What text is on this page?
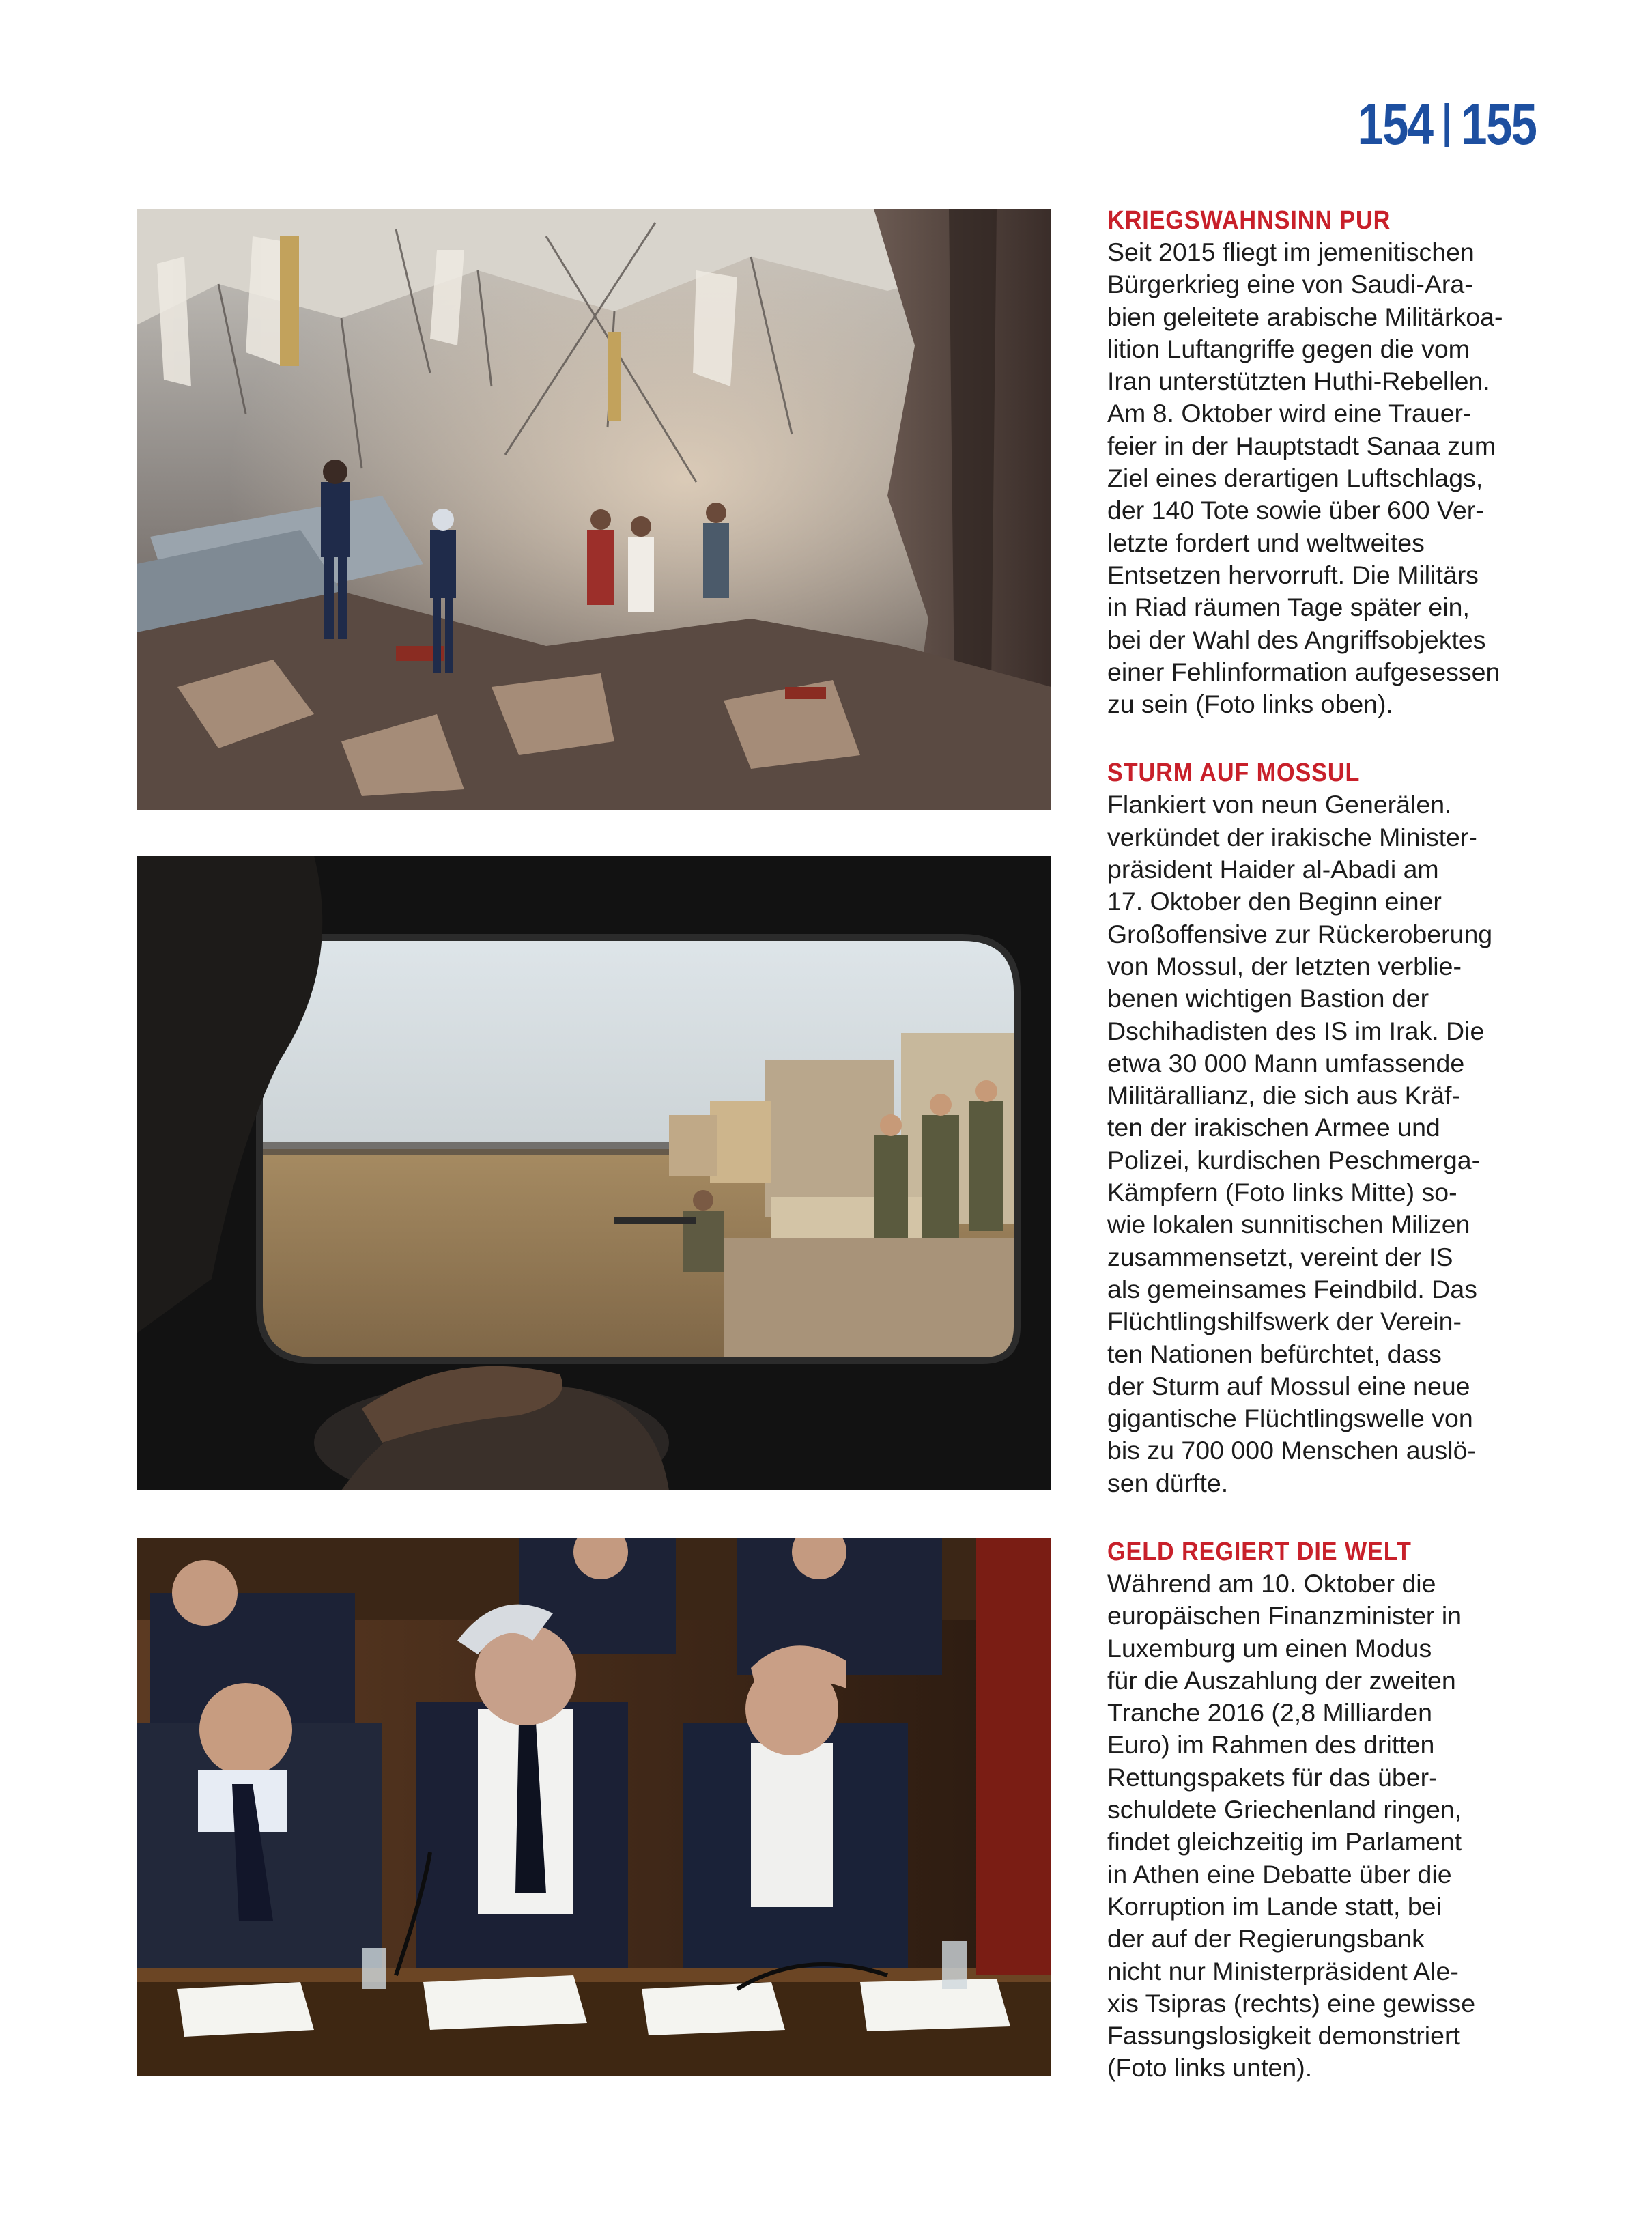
154 155
KRIEGSWAHNSINN PUR

Seit 2015 fliegt im jemenitischen
Bürgerkrieg eine von Saudi-Ara-
bien geleitete arabische Militärkoa-
lition Luftangriffe gegen die vom
Iran unterstützten Huthi-Rebellen.
Am 8. Oktober wird eine Trauer-
feier in der Hauptstadt Sanaa zum
Ziel eines derartigen Luftschlags,
der 140 Tote sowie über 600 Ver-
letzte fordert und weltweites
Entsetzen hervorruft. Die Militärs
in Riad räumen Tage später ein,
bei der Wahl des Angriffsobjektes
einer Fehlinformation aufgesessen
zu sein (Foto links oben).

STURM AUF MOSSUL

Flankiert von neun Generälen.
verkündet der irakische Minister-
präsident Haider al-Abadi am
17. Oktober den Beginn einer
Großoffensive zur Rückeroberung
von Mossul, der letzten verblie-
benen wichtigen Bastion der
Dschihadisten des IS im Irak. Die
etwa 30 000 Mann umfassende
Militärallianz, die sich aus Kräf-
ten der irakischen Armee und
Polizei, kurdischen Peschmerga-
Kämpfern (Foto links Mitte) so-
wie lokalen sunnitischen Milizen
zusammensetzt, vereint der IS
als gemeinsames Feindbild. Das
Flüchtlingshilfswerk der Verein-
ten Nationen befürchtet, dass
der Sturm auf Mossul eine neue
gigantische Flüchtlingswelle von
bis zu 700 000 Menschen auslö-
sen dürfte.

GELD REGIERT DIE WELT

Während am 10. Oktober die
europäischen Finanzminister in
Luxemburg um einen Modus
für die Auszahlung der zweiten
Tranche 2016 (2,8 Milliarden
Euro) im Rahmen des dritten
Rettungspakets für das über-
schuldete Griechenland ringen,
findet gleichzeitig im Parlament
in Athen eine Debatte über die
Korruption im Lande statt, bei
der auf der Regierungsbank
nicht nur Ministerpräsident Ale-
xis Tsipras (rechts) eine gewisse
Fassungslosigkeit demonstriert
(Foto links unten).
